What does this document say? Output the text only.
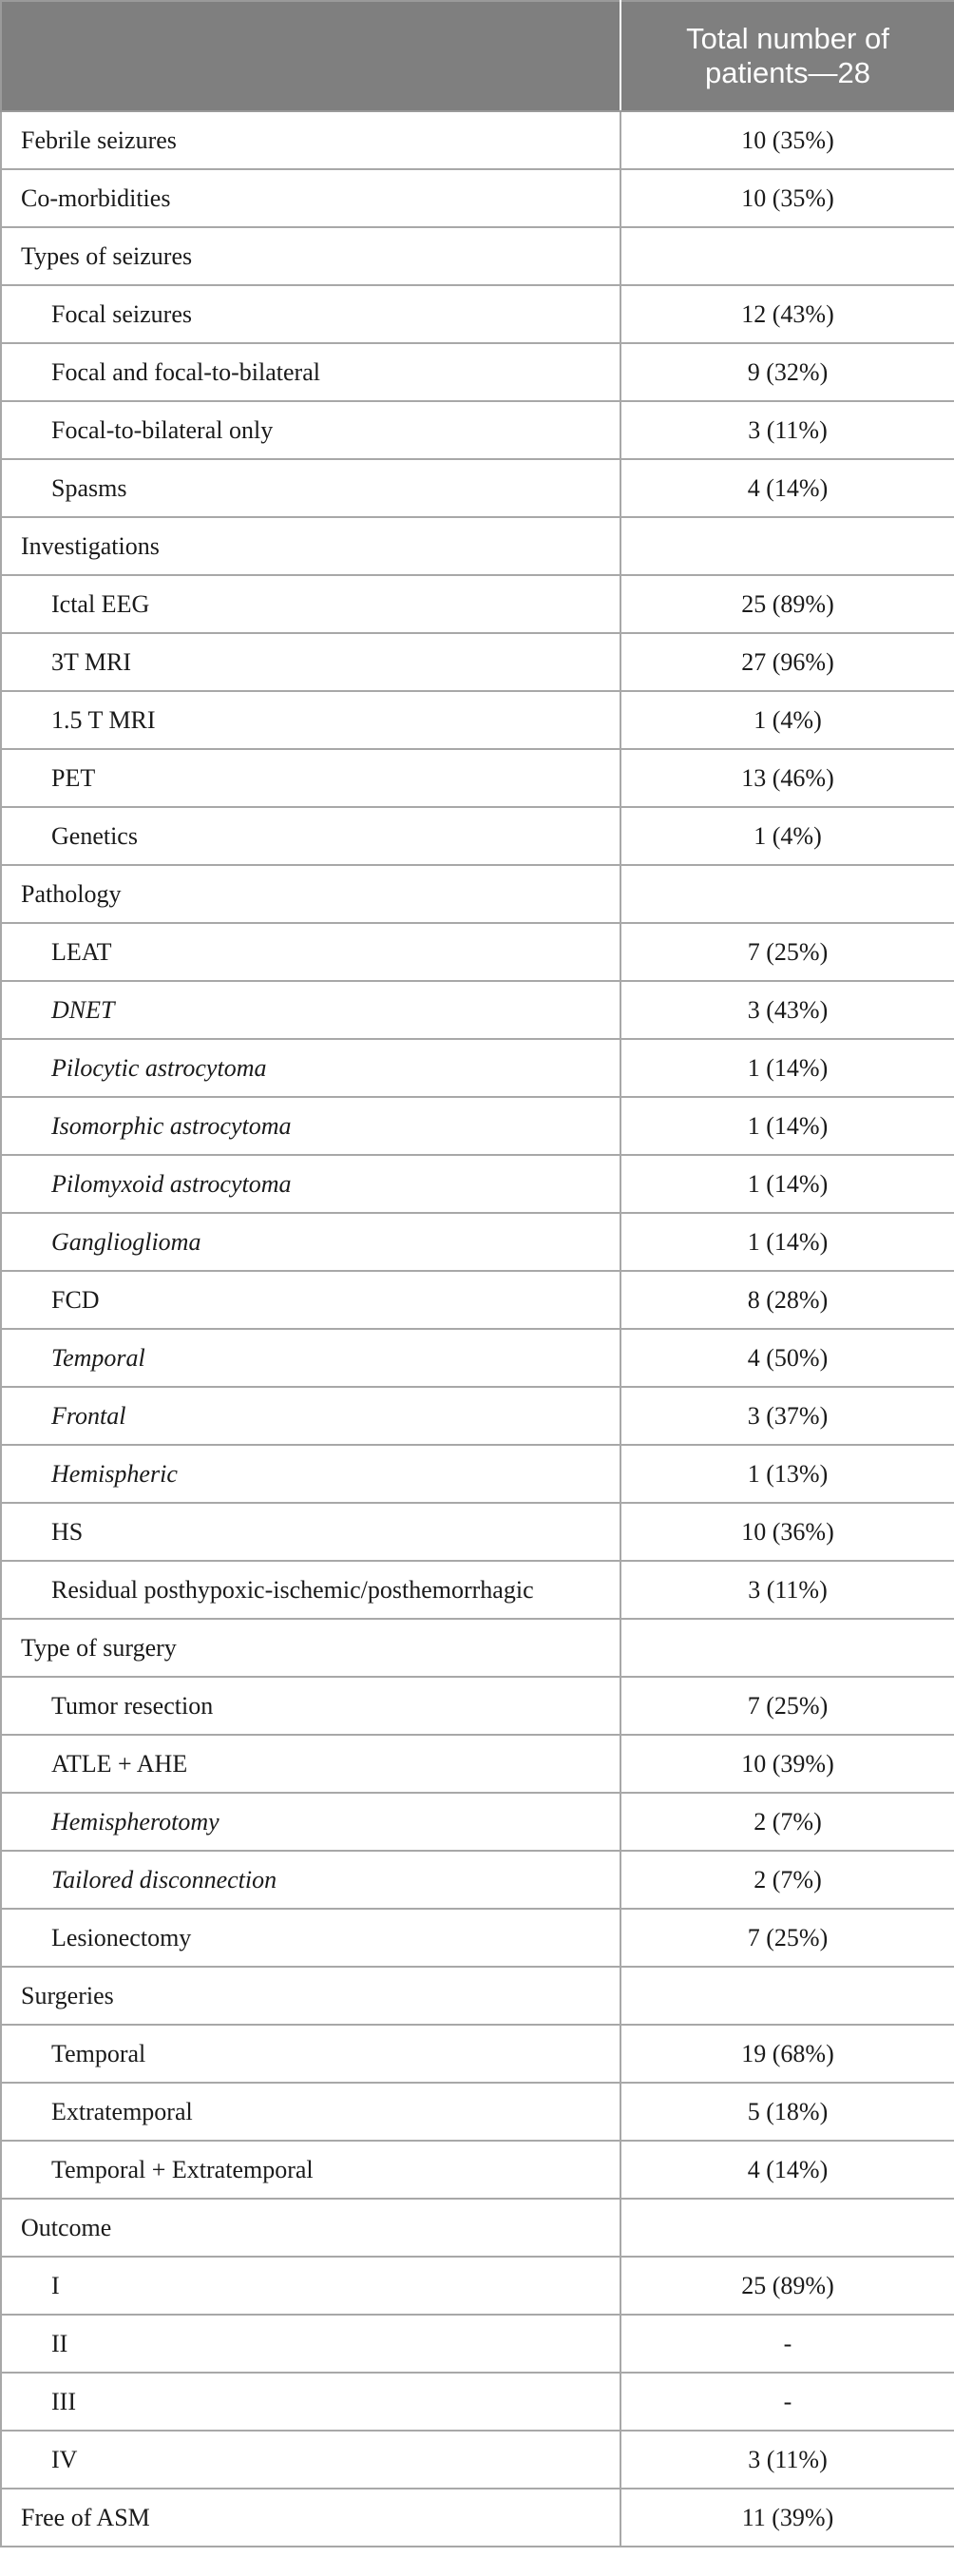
	Total number of patients—28
Febrile seizures	10 (35%)
Co-morbidities	10 (35%)
Types of seizures	
Focal seizures	12 (43%)
Focal and focal-to-bilateral	9 (32%)
Focal-to-bilateral only	3 (11%)
Spasms	4 (14%)
Investigations	
Ictal EEG	25 (89%)
3T MRI	27 (96%)
1.5 T MRI	1 (4%)
PET	13 (46%)
Genetics	1 (4%)
Pathology	
LEAT	7 (25%)
DNET	3 (43%)
Pilocytic astrocytoma	1 (14%)
Isomorphic astrocytoma	1 (14%)
Pilomyxoid astrocytoma	1 (14%)
Ganglioglioma	1 (14%)
FCD	8 (28%)
Temporal	4 (50%)
Frontal	3 (37%)
Hemispheric	1 (13%)
HS	10 (36%)
Residual posthypoxic-ischemic/posthemorrhagic	3 (11%)
Type of surgery	
Tumor resection	7 (25%)
ATLE + AHE	10 (39%)
Hemispherotomy	2 (7%)
Tailored disconnection	2 (7%)
Lesionectomy	7 (25%)
Surgeries	
Temporal	19 (68%)
Extratemporal	5 (18%)
Temporal + Extratemporal	4 (14%)
Outcome	
I	25 (89%)
II	-
III	-
IV	3 (11%)
Free of ASM	11 (39%)
